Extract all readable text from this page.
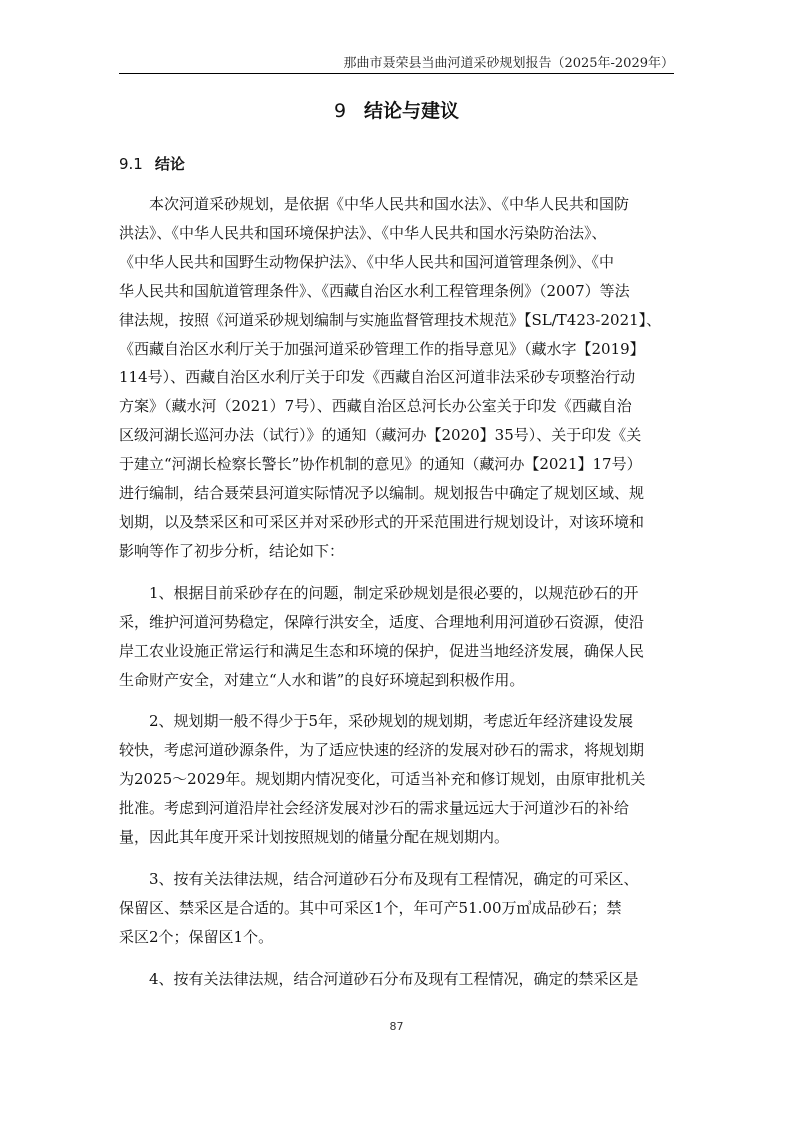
那曲市聂荣县当曲河道采砂规划报告（2025年-2029年）
9 结论与建议
9.1 结论
　　本次河道采砂规划，是依据《中华人民共和国水法》、《中华人民共和国防
洪法》、《中华人民共和国环境保护法》、《中华人民共和国水污染防治法》、
《中华人民共和国野生动物保护法》、《中华人民共和国河道管理条例》、《中
华人民共和国航道管理条件》、《西藏自治区水利工程管理条例》（2007）等法
律法规，按照《河道采砂规划编制与实施监督管理技术规范》【SL/T423-2021】、
《西藏自治区水利厅关于加强河道采砂管理工作的指导意见》（藏水字【2019】
114号）、西藏自治区水利厅关于印发《西藏自治区河道非法采砂专项整治行动
方案》（藏水河（2021）7号）、西藏自治区总河长办公室关于印发《西藏自治
区级河湖长巡河办法（试行）》的通知（藏河办【2020】35号）、关于印发《关
于建立“河湖长检察长警长”协作机制的意见》的通知（藏河办【2021】17号）
进行编制，结合聂荣县河道实际情况予以编制。规划报告中确定了规划区域、规
划期，以及禁采区和可采区并对采砂形式的开采范围进行规划设计，对该环境和
影响等作了初步分析，结论如下：
　　1、根据目前采砂存在的问题，制定采砂规划是很必要的，以规范砂石的开
采，维护河道河势稳定，保障行洪安全，适度、合理地利用河道砂石资源，使沿
岸工农业设施正常运行和满足生态和环境的保护，促进当地经济发展，确保人民
生命财产安全，对建立“人水和谐”的良好环境起到积极作用。
　　2、规划期一般不得少于5年，采砂规划的规划期，考虑近年经济建设发展
较快，考虑河道砂源条件，为了适应快速的经济的发展对砂石的需求，将规划期
为2025～2029年。规划期内情况变化，可适当补充和修订规划，由原审批机关
批准。考虑到河道沿岸社会经济发展对沙石的需求量远远大于河道沙石的补给
量，因此其年度开采计划按照规划的储量分配在规划期内。
　　3、按有关法律法规，结合河道砂石分布及现有工程情况，确定的可采区、
保留区、禁采区是合适的。其中可采区1个，年可产51.00万㎥成品砂石；禁
采区2个；保留区1个。
　　4、按有关法律法规，结合河道砂石分布及现有工程情况，确定的禁采区是
87
